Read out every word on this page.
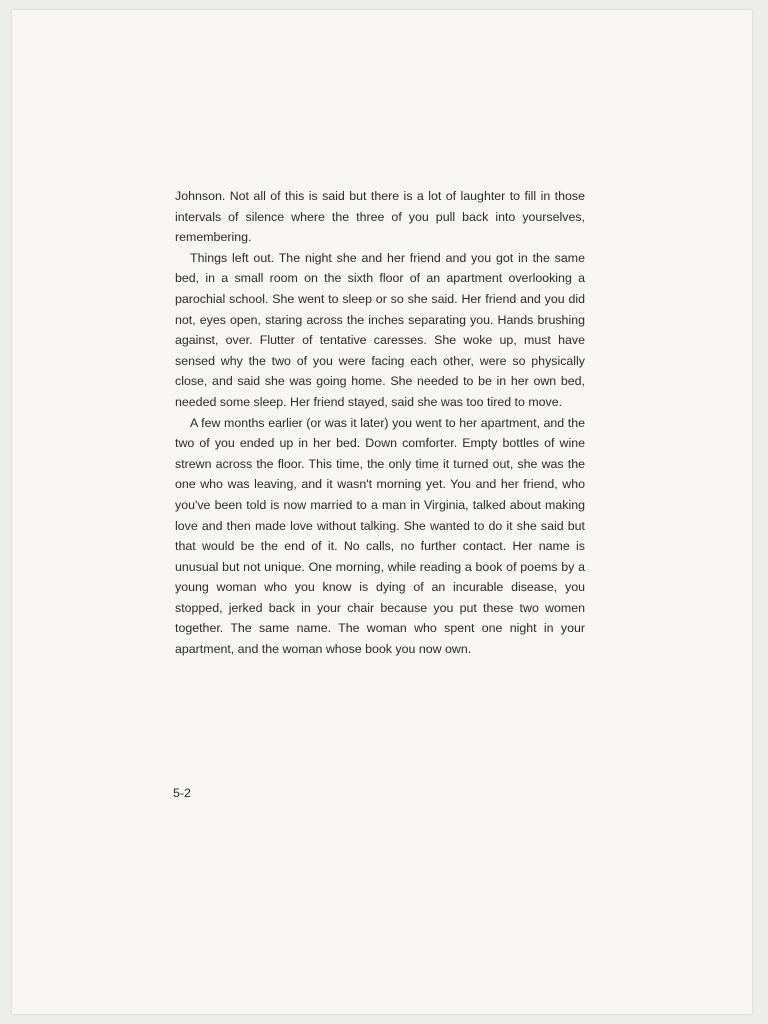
Johnson. Not all of this is said but there is a lot of laughter to fill in those intervals of silence where the three of you pull back into yourselves, remembering.

Things left out. The night she and her friend and you got in the same bed, in a small room on the sixth floor of an apartment overlooking a parochial school. She went to sleep or so she said. Her friend and you did not, eyes open, staring across the inches separating you. Hands brushing against, over. Flutter of tentative caresses. She woke up, must have sensed why the two of you were facing each other, were so physically close, and said she was going home. She needed to be in her own bed, needed some sleep. Her friend stayed, said she was too tired to move.

A few months earlier (or was it later) you went to her apartment, and the two of you ended up in her bed. Down comforter. Empty bottles of wine strewn across the floor. This time, the only time it turned out, she was the one who was leaving, and it wasn't morning yet. You and her friend, who you've been told is now married to a man in Virginia, talked about making love and then made love without talking. She wanted to do it she said but that would be the end of it. No calls, no further contact. Her name is unusual but not unique. One morning, while reading a book of poems by a young woman who you know is dying of an incurable disease, you stopped, jerked back in your chair because you put these two women together. The same name. The woman who spent one night in your apartment, and the woman whose book you now own.

5-2
